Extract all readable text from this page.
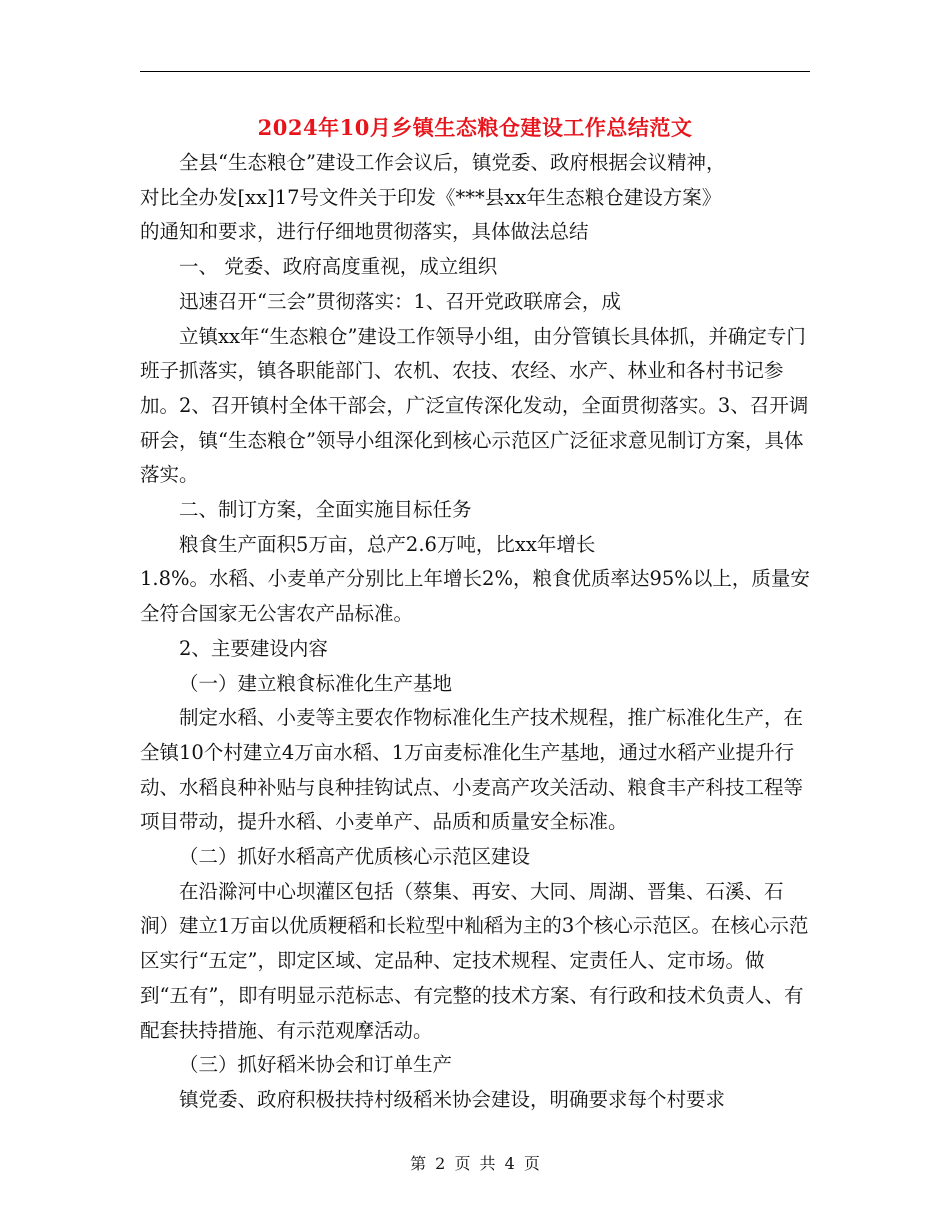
2024年10月乡镇生态粮仓建设工作总结范文

全县“生态粮仓”建设工作会议后，镇党委、政府根据会议精神，

对比全办发[xx]17号文件关于印发《***县xx年生态粮仓建设方案》

的通知和要求，进行仔细地贯彻落实，具体做法总结

一、 党委、政府高度重视，成立组织

迅速召开“三会”贯彻落实：1、召开党政联席会，成

立镇xx年“生态粮仓”建设工作领导小组，由分管镇长具体抓，并确定专门班子抓落实，镇各职能部门、农机、农技、农经、水产、林业和各村书记参加。2、召开镇村全体干部会，广泛宣传深化发动，全面贯彻落实。3、召开调研会，镇“生态粮仓”领导小组深化到核心示范区广泛征求意见制订方案，具体落实。

二、制订方案，全面实施目标任务

粮食生产面积5万亩，总产2.6万吨，比xx年增长

1.8%。水稻、小麦单产分别比上年增长2%，粮食优质率达95%以上，质量安全符合国家无公害农产品标准。

2、主要建设内容

（一）建立粮食标准化生产基地

制定水稻、小麦等主要农作物标准化生产技术规程，推广标准化生产，在全镇10个村建立4万亩水稻、1万亩麦标准化生产基地，通过水稻产业提升行动、水稻良种补贴与良种挂钩试点、小麦高产攻关活动、粮食丰产科技工程等项目带动，提升水稻、小麦单产、品质和质量安全标准。

（二）抓好水稻高产优质核心示范区建设

在沿滁河中心坝灌区包括（蔡集、再安、大同、周湖、晋集、石溪、石涧）建立1万亩以优质粳稻和长粒型中籼稻为主的3个核心示范区。在核心示范区实行“五定”，即定区域、定品种、定技术规程、定责任人、定市场。做到“五有”，即有明显示范标志、有完整的技术方案、有行政和技术负责人、有配套扶持措施、有示范观摩活动。

（三）抓好稻米协会和订单生产

镇党委、政府积极扶持村级稻米协会建设，明确要求每个村要求

第 2 页 共 4 页
